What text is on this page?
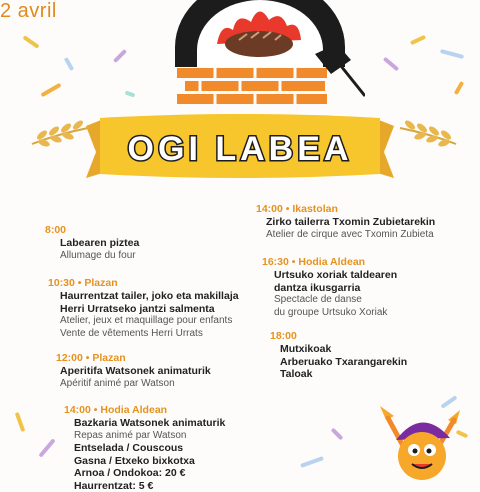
2 avril
OGI LABEA
8:00
Labearen piztea
Allumage du four
10:30 • Plazan
Haurrentzat tailer, joko eta makillaja
Herri Urratseko jantzi salmenta
Atelier, jeux et maquillage pour enfants
Vente de vêtements Herri Urrats
12:00 • Plazan
Aperitifa Watsonek animaturik
Apéritif animé par Watson
14:00 • Hodia Aldean
Bazkaria Watsonek animaturik
Repas animé par Watson
Entselada / Couscous
Gasna / Etxeko bixkotxa
Arnoa / Ondokoa: 20 €
Haurrentzat: 5 €
14:00 • Ikastolan
Zirko tailerra Txomin Zubietarekin
Atelier de cirque avec Txomin Zubieta
16:30 • Hodia Aldean
Urtsuko xoriak taldearen
dantza ikusgarria
Spectacle de danse
du groupe Urtsuko Xoriak
18:00
Mutxikoak
Arberuako Txarangarekin
Taloak
